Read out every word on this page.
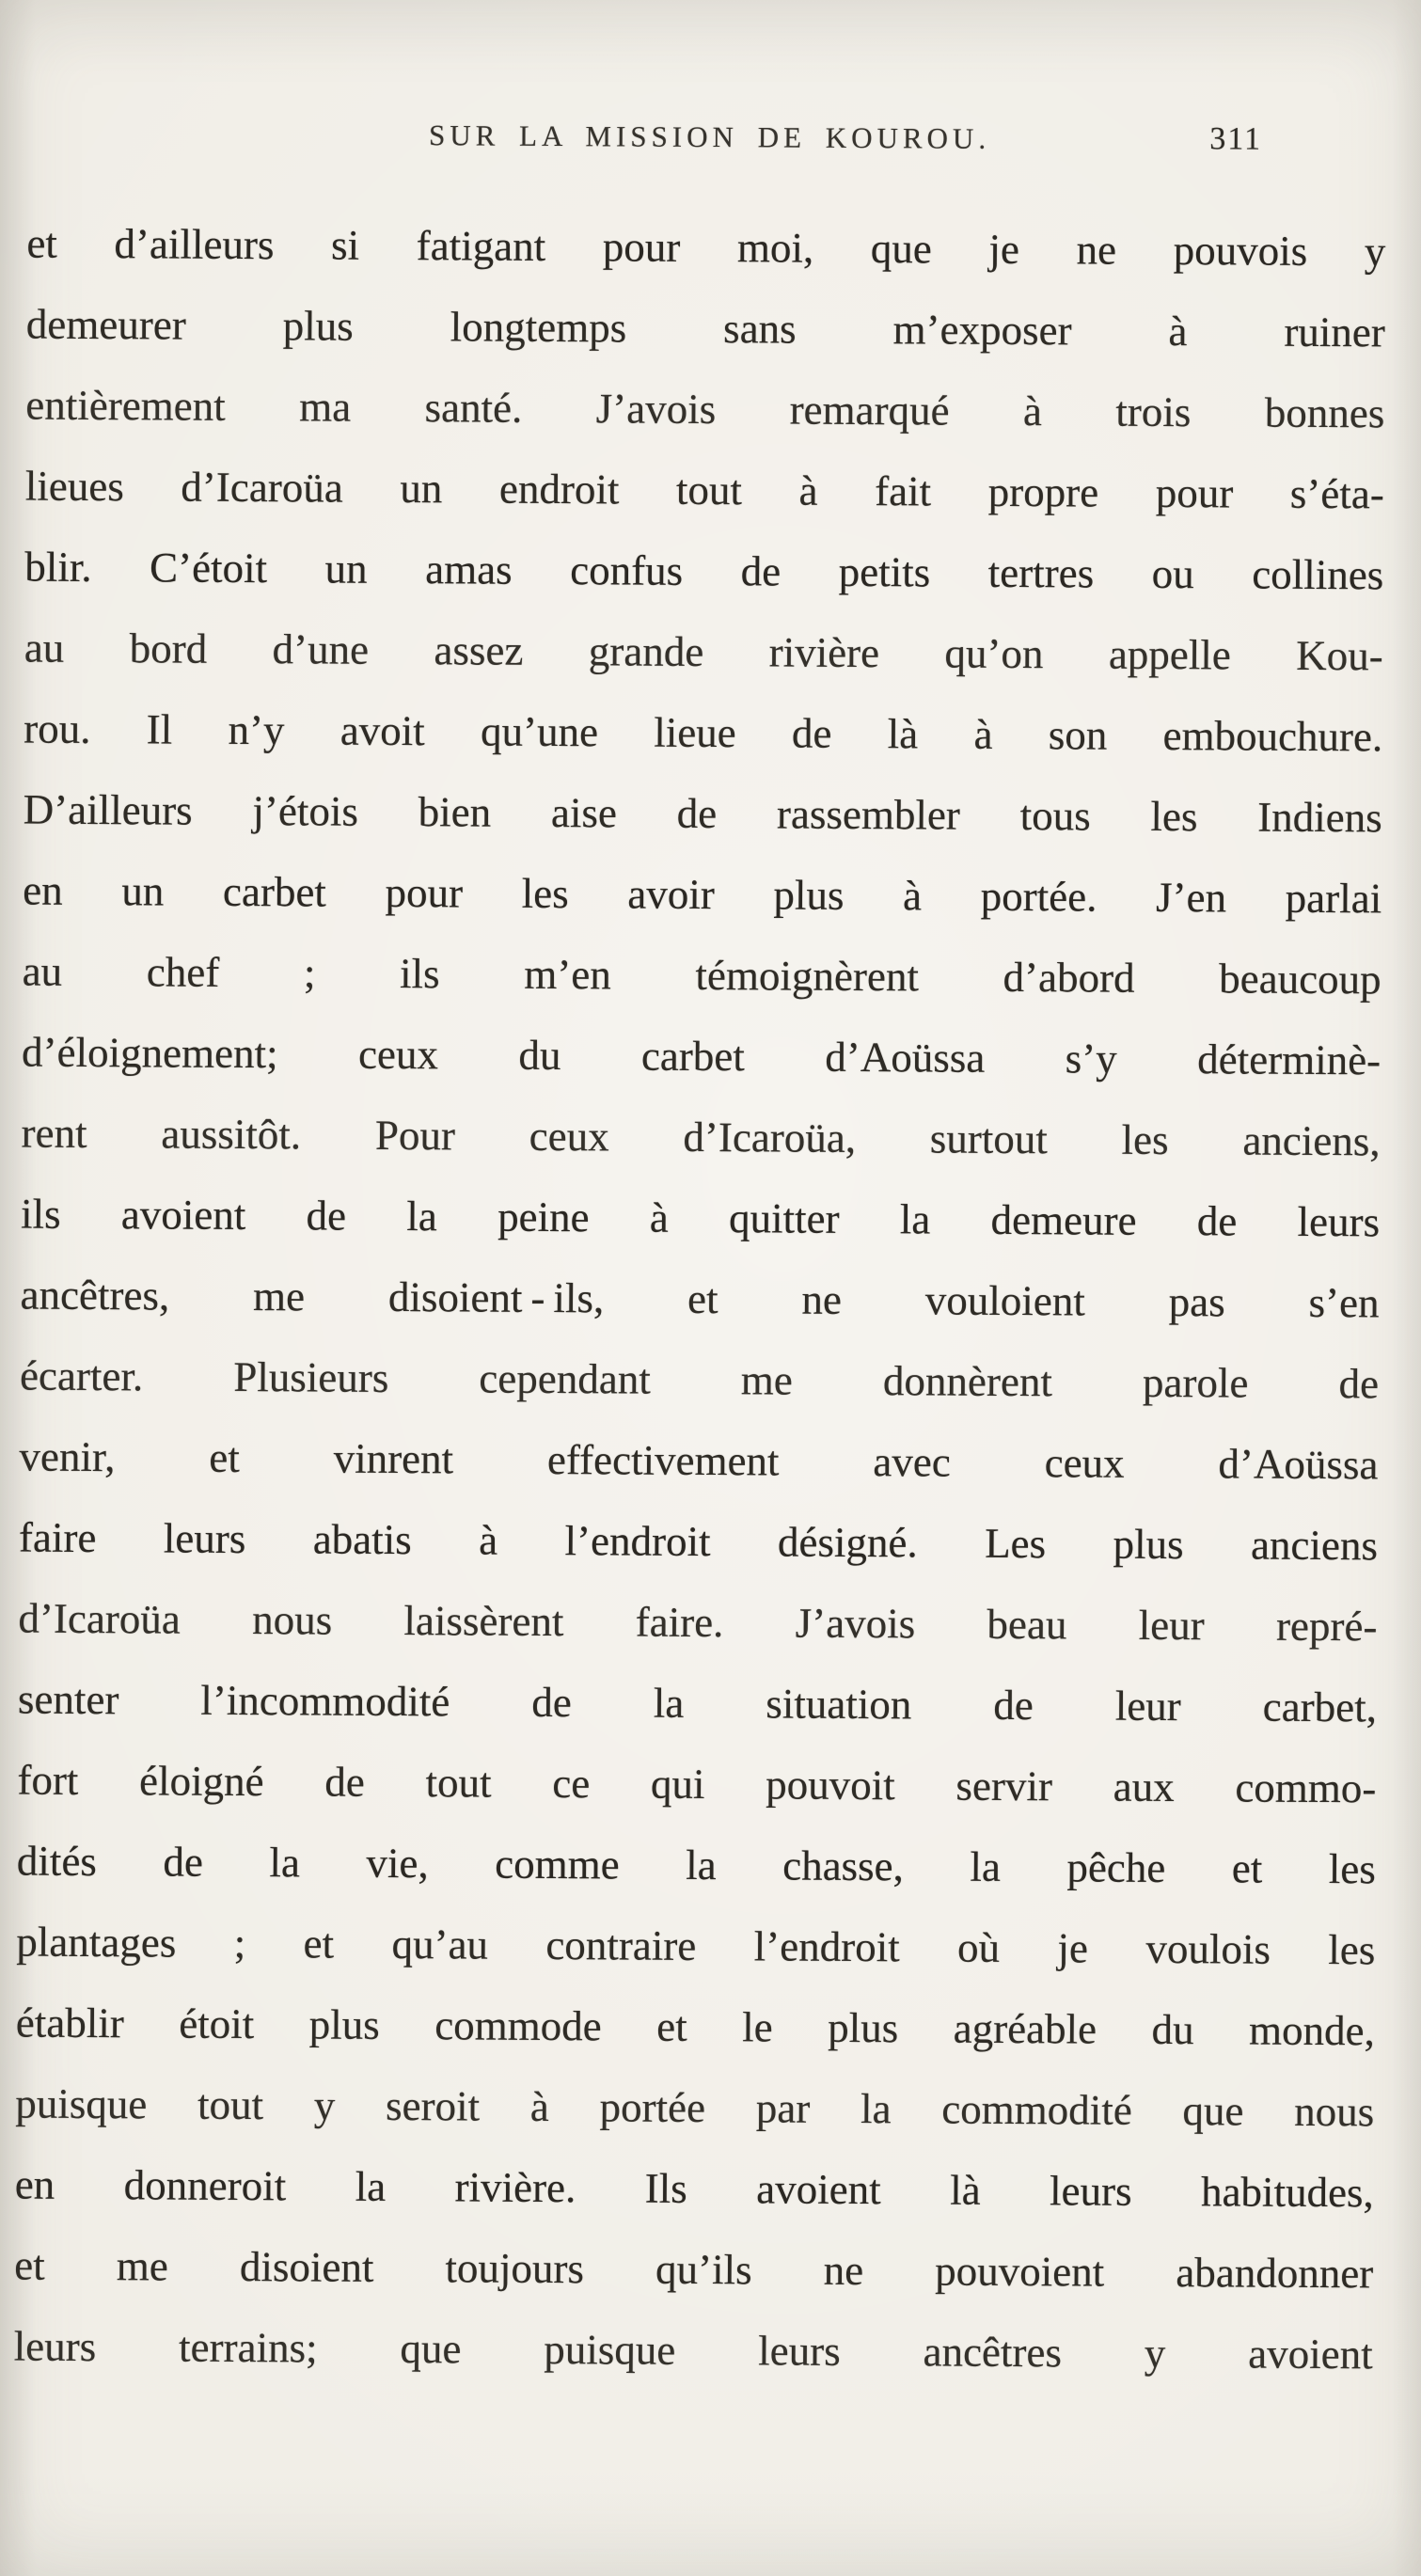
SUR LA MISSION DE KOUROU.	311
et d’ailleurs si fatigant pour moi, que je ne pouvois y
demeurer plus longtemps sans m’exposer à ruiner
entièrement ma santé. J’avois remarqué à trois bonnes
lieues d’Icaroüa un endroit tout à fait propre pour s’éta-
blir. C’étoit un amas confus de petits tertres ou collines
au bord d’une assez grande rivière qu’on appelle Kou-
rou. Il n’y avoit qu’une lieue de là à son embouchure.
D’ailleurs j’étois bien aise de rassembler tous les Indiens
en un carbet pour les avoir plus à portée. J’en parlai
au chef ; ils m’en témoignèrent d’abord beaucoup
d’éloignement; ceux du carbet d’Aoüssa s’y déterminè-
rent aussitôt. Pour ceux d’Icaroüa, surtout les anciens,
ils avoient de la peine à quitter la demeure de leurs
ancêtres, me disoient - ils, et ne vouloient pas s’en
écarter. Plusieurs cependant me donnèrent parole de
venir, et vinrent effectivement avec ceux d’Aoüssa
faire leurs abatis à l’endroit désigné. Les plus anciens
d’Icaroüa nous laissèrent faire. J’avois beau leur repré-
senter l’incommodité de la situation de leur carbet,
fort éloigné de tout ce qui pouvoit servir aux commo-
dités de la vie, comme la chasse, la pêche et les
plantages ; et qu’au contraire l’endroit où je voulois les
établir étoit plus commode et le plus agréable du monde,
puisque tout y seroit à portée par la commodité que nous
en donneroit la rivière. Ils avoient là leurs habitudes,
et me disoient toujours qu’ils ne pouvoient abandonner
leurs terrains; que puisque leurs ancêtres y avoient
